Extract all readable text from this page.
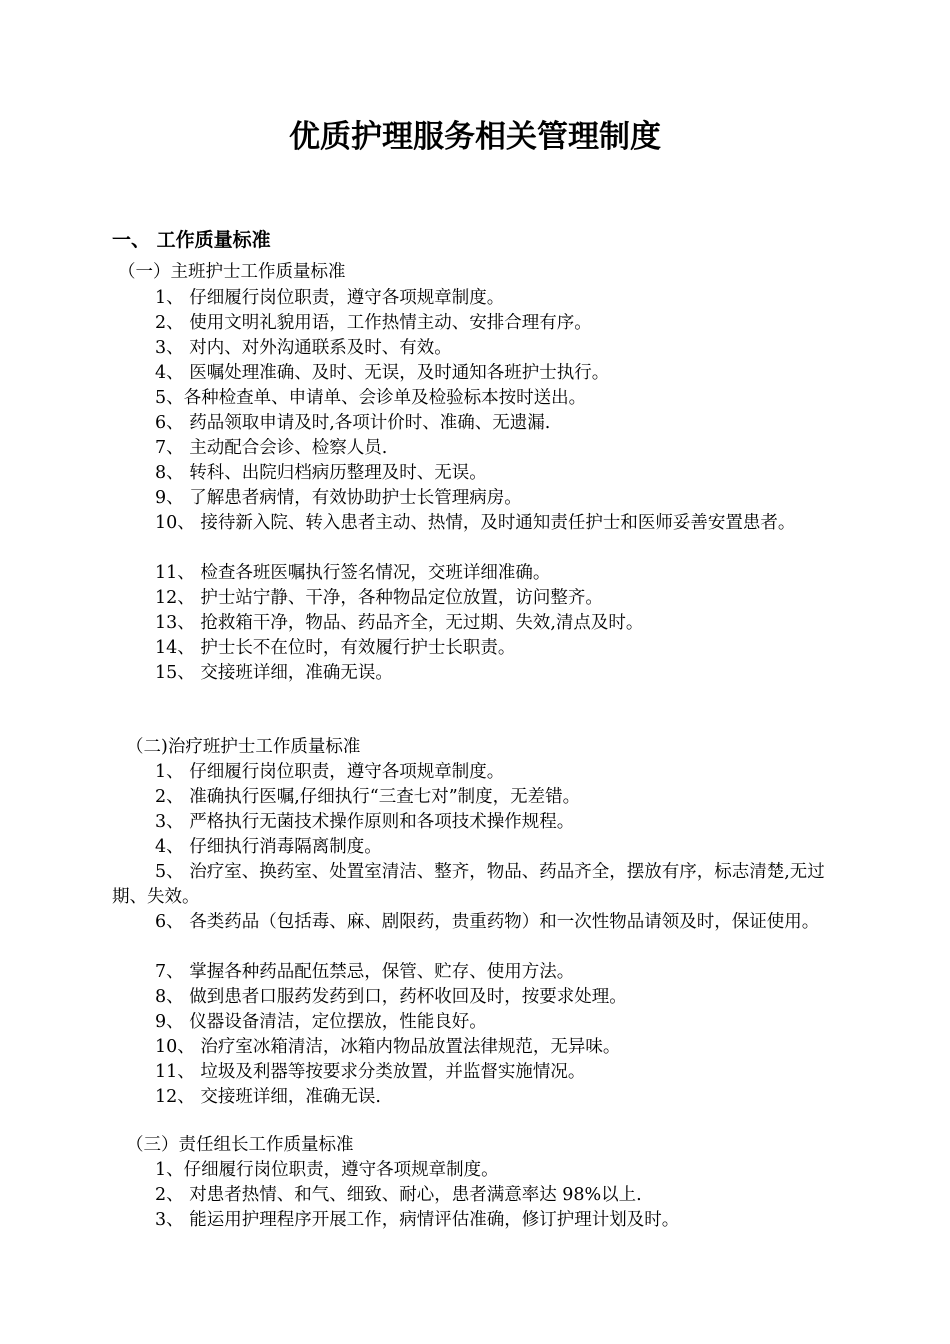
优质护理服务相关管理制度
一、 工作质量标准
（一）主班护士工作质量标准
1、 仔细履行岗位职责，遵守各项规章制度。
2、 使用文明礼貌用语，工作热情主动、安排合理有序。
3、 对内、对外沟通联系及时、有效。
4、 医嘱处理准确、及时、无误，及时通知各班护士执行。
5、各种检查单、申请单、会诊单及检验标本按时送出。
6、 药品领取申请及时,各项计价时、准确、无遗漏.
7、 主动配合会诊、检察人员.
8、 转科、出院归档病历整理及时、无误。
9、 了解患者病情，有效协助护士长管理病房。
10、 接待新入院、转入患者主动、热情，及时通知责任护士和医师妥善安置患者。
11、 检查各班医嘱执行签名情况，交班详细准确。
12、 护士站宁静、干净，各种物品定位放置，访问整齐。
13、 抢救箱干净，物品、药品齐全，无过期、失效,清点及时。
14、 护士长不在位时，有效履行护士长职责。
15、 交接班详细，准确无误。
（二)治疗班护士工作质量标准
1、 仔细履行岗位职责，遵守各项规章制度。
2、 准确执行医嘱,仔细执行“三查七对”制度，无差错。
3、 严格执行无菌技术操作原则和各项技术操作规程。
4、 仔细执行消毒隔离制度。
5、 治疗室、换药室、处置室清洁、整齐，物品、药品齐全，摆放有序，标志清楚,无过期、失效。
6、 各类药品（包括毒、麻、剧限药，贵重药物）和一次性物品请领及时，保证使用。
7、 掌握各种药品配伍禁忌，保管、贮存、使用方法。
8、 做到患者口服药发药到口，药杯收回及时，按要求处理。
9、 仪器设备清洁，定位摆放，性能良好。
10、 治疗室冰箱清洁，冰箱内物品放置法律规范，无异味。
11、 垃圾及利器等按要求分类放置，并监督实施情况。
12、 交接班详细，准确无误.
（三）责任组长工作质量标准
1、仔细履行岗位职责，遵守各项规章制度。
2、 对患者热情、和气、细致、耐心，患者满意率达 98%以上.
3、 能运用护理程序开展工作，病情评估准确，修订护理计划及时。
